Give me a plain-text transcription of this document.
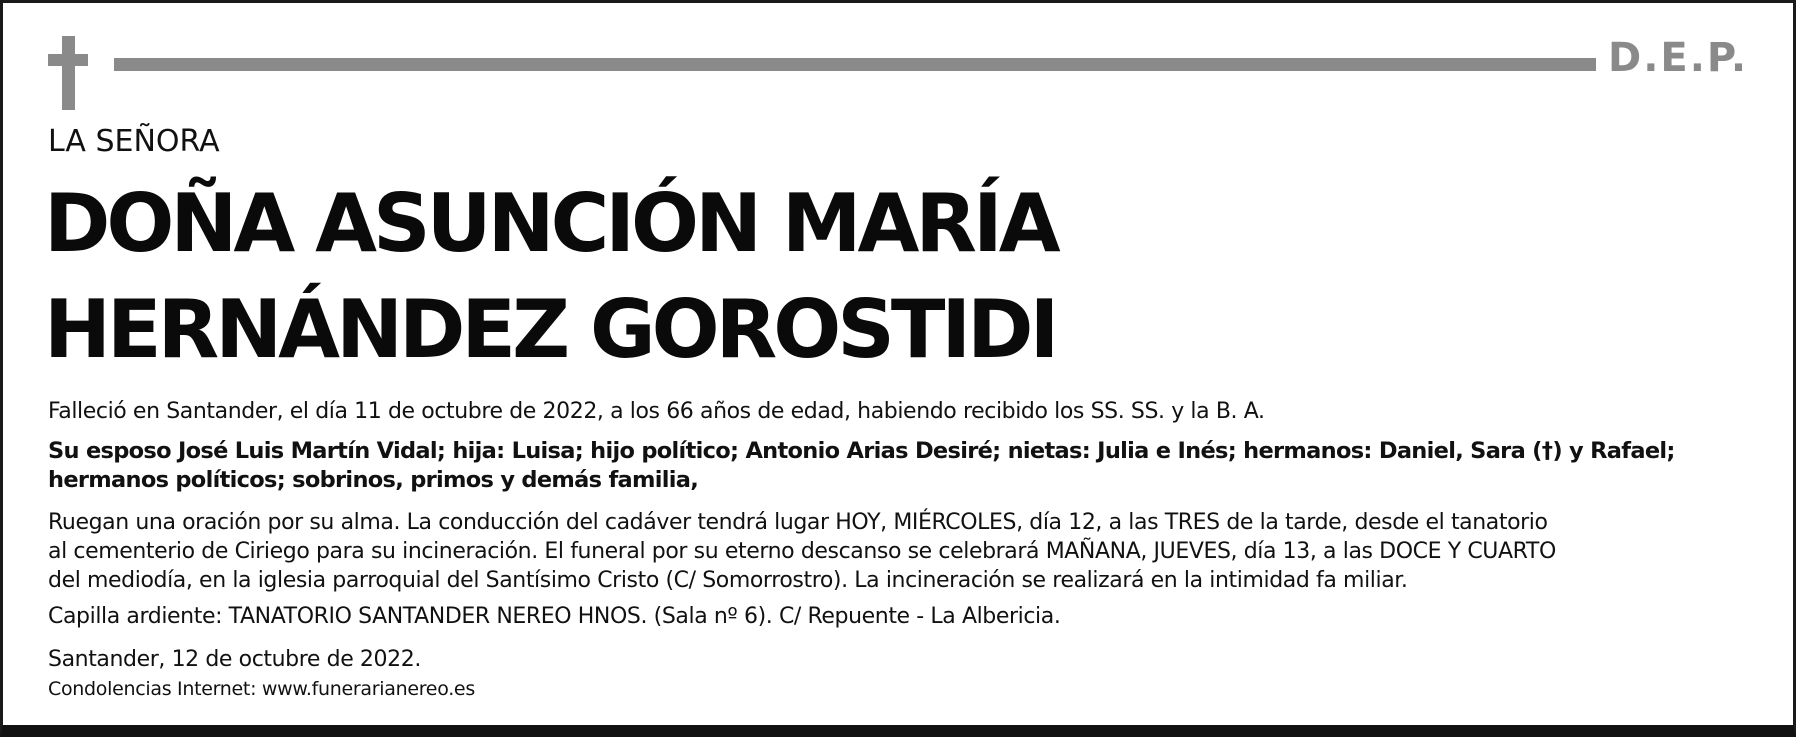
D.E.P.
LA SEÑORA
DOÑA ASUNCIÓN MARÍA
HERNÁNDEZ GOROSTIDI
Falleció en Santander, el día 11 de octubre de 2022, a los 66 años de edad, habiendo recibido los SS. SS. y la B. A.
Su esposo José Luis Martín Vidal; hija: Luisa; hijo político; Antonio Arias Desiré; nietas: Julia e Inés; hermanos: Daniel, Sara (†) y Rafael;
hermanos políticos; sobrinos, primos y demás familia,
Ruegan una oración por su alma. La conducción del cadáver tendrá lugar HOY, MIÉRCOLES, día 12, a las TRES de la tarde, desde el tanatorio
al cementerio de Ciriego para su incineración. El funeral por su eterno descanso se celebrará MAÑANA, JUEVES, día 13, a las DOCE Y CUARTO
del mediodía, en la iglesia parroquial del Santísimo Cristo (C/ Somorrostro). La incineración se realizará en la intimidad fa miliar.
Capilla ardiente: TANATORIO SANTANDER NEREO HNOS. (Sala nº 6). C/ Repuente - La Albericia.
Santander, 12 de octubre de 2022.
Condolencias Internet: www.funerarianereo.es
